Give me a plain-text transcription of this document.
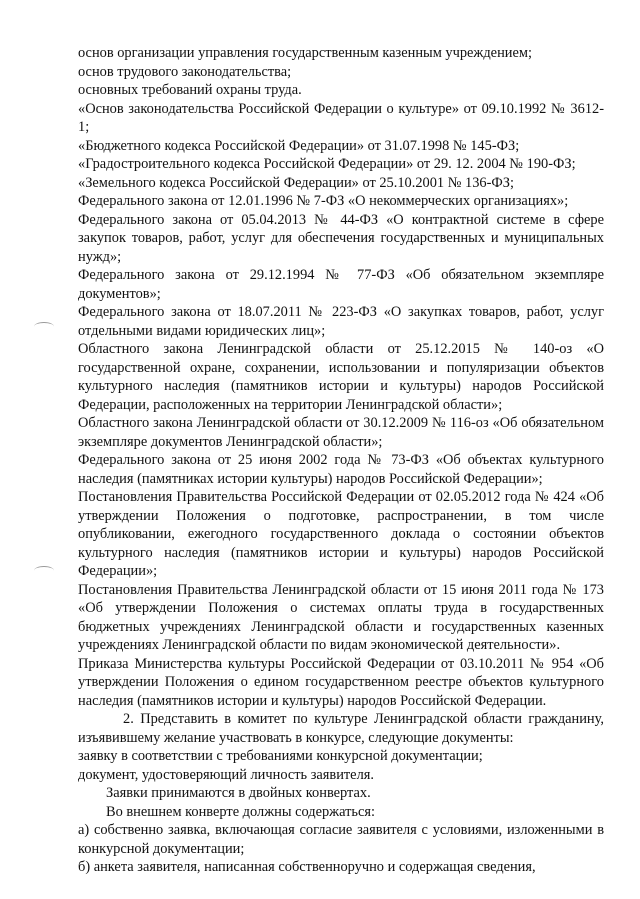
основ организации управления государственным казенным учреждением;

основ трудового законодательства;

основных требований охраны труда.

«Основ законодательства Российской Федерации о культуре» от 09.10.1992 № 3612-1;

«Бюджетного кодекса Российской Федерации» от 31.07.1998 № 145-ФЗ;

«Градостроительного кодекса Российской Федерации» от 29. 12. 2004 № 190-ФЗ;

«Земельного кодекса Российской Федерации» от 25.10.2001 № 136-ФЗ;

Федерального закона от 12.01.1996 № 7-ФЗ «О некоммерческих организациях»;

Федерального закона от 05.04.2013 № 44-ФЗ «О контрактной системе в сфере закупок товаров, работ, услуг для обеспечения государственных и муниципальных нужд»;

Федерального закона от 29.12.1994 № 77-ФЗ «Об обязательном экземпляре документов»;

Федерального закона от 18.07.2011 № 223-ФЗ «О закупках товаров, работ, услуг отдельными видами юридических лиц»;

Областного закона Ленинградской области от 25.12.2015 № 140-оз «О государственной охране, сохранении, использовании и популяризации объектов культурного наследия (памятников истории и культуры) народов Российской Федерации, расположенных на территории Ленинградской области»;

Областного закона Ленинградской области от 30.12.2009 № 116-оз «Об обязательном экземпляре документов Ленинградской области»;

Федерального закона от 25 июня 2002 года № 73-ФЗ «Об объектах культурного наследия (памятниках истории культуры) народов Российской Федерации»;

Постановления Правительства Российской Федерации от 02.05.2012 года № 424 «Об утверждении Положения о подготовке, распространении, в том числе опубликовании, ежегодного государственного доклада о состоянии объектов культурного наследия (памятников истории и культуры) народов Российской Федерации»;

Постановления Правительства Ленинградской области от 15 июня 2011 года № 173 «Об утверждении Положения о системах оплаты труда в государственных бюджетных учреждениях Ленинградской области и государственных казенных учреждениях Ленинградской области по видам экономической деятельности».

Приказа Министерства культуры Российской Федерации от 03.10.2011 № 954 «Об утверждении Положения о едином государственном реестре объектов культурного наследия (памятников истории и культуры) народов Российской Федерации.

2. Представить в комитет по культуре Ленинградской области гражданину, изъявившему желание участвовать в конкурсе, следующие документы:

заявку в соответствии с требованиями конкурсной документации;

документ, удостоверяющий личность заявителя.

Заявки принимаются в двойных конвертах.

Во внешнем конверте должны содержаться:

а) собственно заявка, включающая согласие заявителя с условиями, изложенными в конкурсной документации;

б) анкета заявителя, написанная собственноручно и содержащая сведения,
